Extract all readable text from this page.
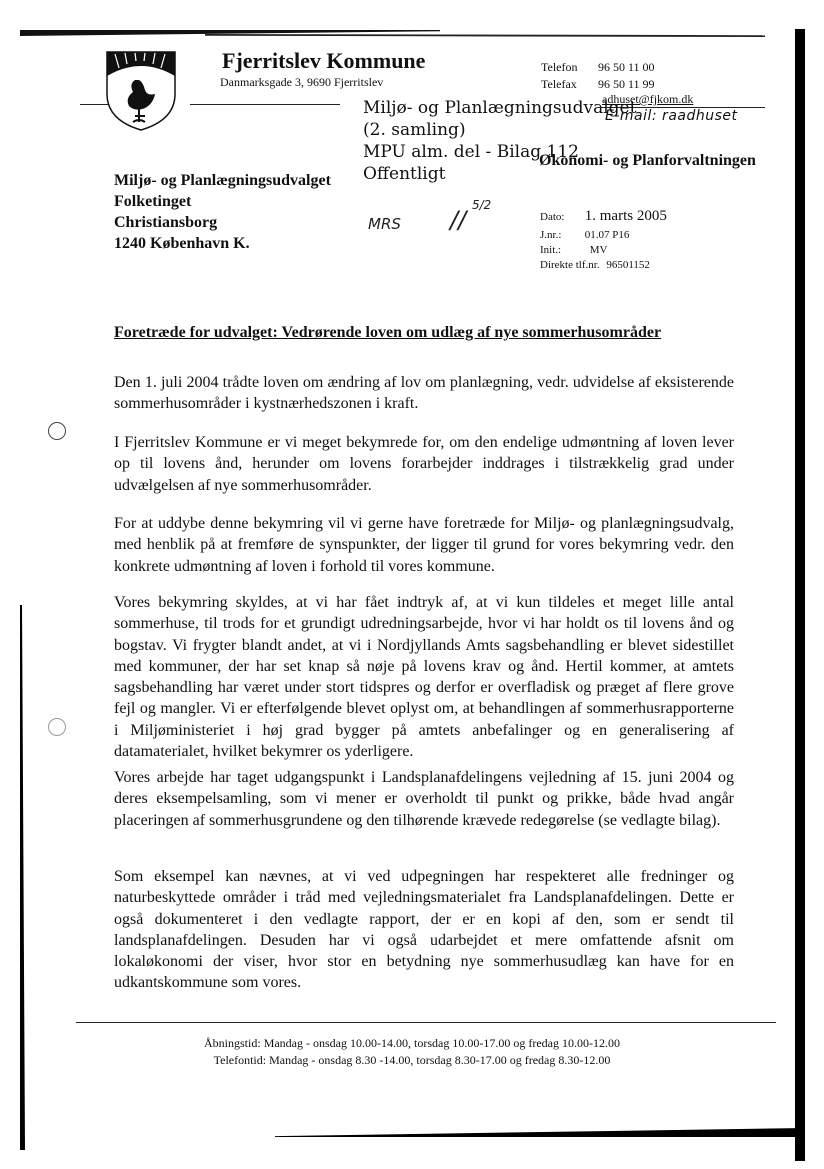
Fjerritslev Kommune
Danmarksgade 3, 9690 Fjerritslev
Telefon 96 50 11 00
Telefax 96 50 11 99
adhuset@fjkom.dk
E-mail: raadhuset
Miljø- og Planlægningsudvalget
(2. samling)
MPU alm. del - Bilag 112
Offentligt
Økonomi- og Planforvaltningen
Miljø- og Planlægningsudvalget
Folketinget
Christiansborg
1240 København K.
MRS //
5/2
Dato: 1. marts 2005
J.nr.: 01.07 P16
Init.:	MV
Direkte tlf.nr. 96501152
Foretræde for udvalget: Vedrørende loven om udlæg af nye sommerhusområder

Den 1. juli 2004 trådte loven om ændring af lov om planlægning, vedr. udvidelse af eksisterende sommerhusområder i kystnærhedszonen i kraft.

I Fjerritslev Kommune er vi meget bekymrede for, om den endelige udmøntning af loven lever op til lovens ånd, herunder om lovens forarbejder inddrages i tilstrækkelig grad under udvælgelsen af nye sommerhusområder.

For at uddybe denne bekymring vil vi gerne have foretræde for Miljø- og planlægningsudvalg, med henblik på at fremføre de synspunkter, der ligger til grund for vores bekymring vedr. den konkrete udmøntning af loven i forhold til vores kommune.

Vores bekymring skyldes, at vi har fået indtryk af, at vi kun tildeles et meget lille antal sommerhuse, til trods for et grundigt udredningsarbejde, hvor vi har holdt os til lovens ånd og bogstav. Vi frygter blandt andet, at vi i Nordjyllands Amts sagsbehandling er blevet sidestillet med kommuner, der har set knap så nøje på lovens krav og ånd. Hertil kommer, at amtets sagsbehandling har været under stort tidspres og derfor er overfladisk og præget af flere grove fejl og mangler. Vi er efterfølgende blevet oplyst om, at behandlingen af sommerhusrapporterne i Miljøministeriet i høj grad bygger på amtets anbefalinger og en generalisering af datamaterialet, hvilket bekymrer os yderligere.

Vores arbejde har taget udgangspunkt i Landsplanafdelingens vejledning af 15. juni 2004 og deres eksempelsamling, som vi mener er overholdt til punkt og prikke, både hvad angår placeringen af sommerhusgrundene og den tilhørende krævede redegørelse (se vedlagte bilag).

Som eksempel kan nævnes, at vi ved udpegningen har respekteret alle fredninger og naturbeskyttede områder i tråd med vejledningsmaterialet fra Landsplanafdelingen. Dette er også dokumenteret i den vedlagte rapport, der er en kopi af den, som er sendt til landsplanafdelingen. Desuden har vi også udarbejdet et mere omfattende afsnit om lokaløkonomi der viser, hvor stor en betydning nye sommerhusudlæg kan have for en udkantskommune som vores.

Åbningstid: Mandag - onsdag 10.00-14.00, torsdag 10.00-17.00 og fredag 10.00-12.00
Telefontid: Mandag - onsdag 8.30 -14.00, torsdag 8.30-17.00 og fredag 8.30-12.00
